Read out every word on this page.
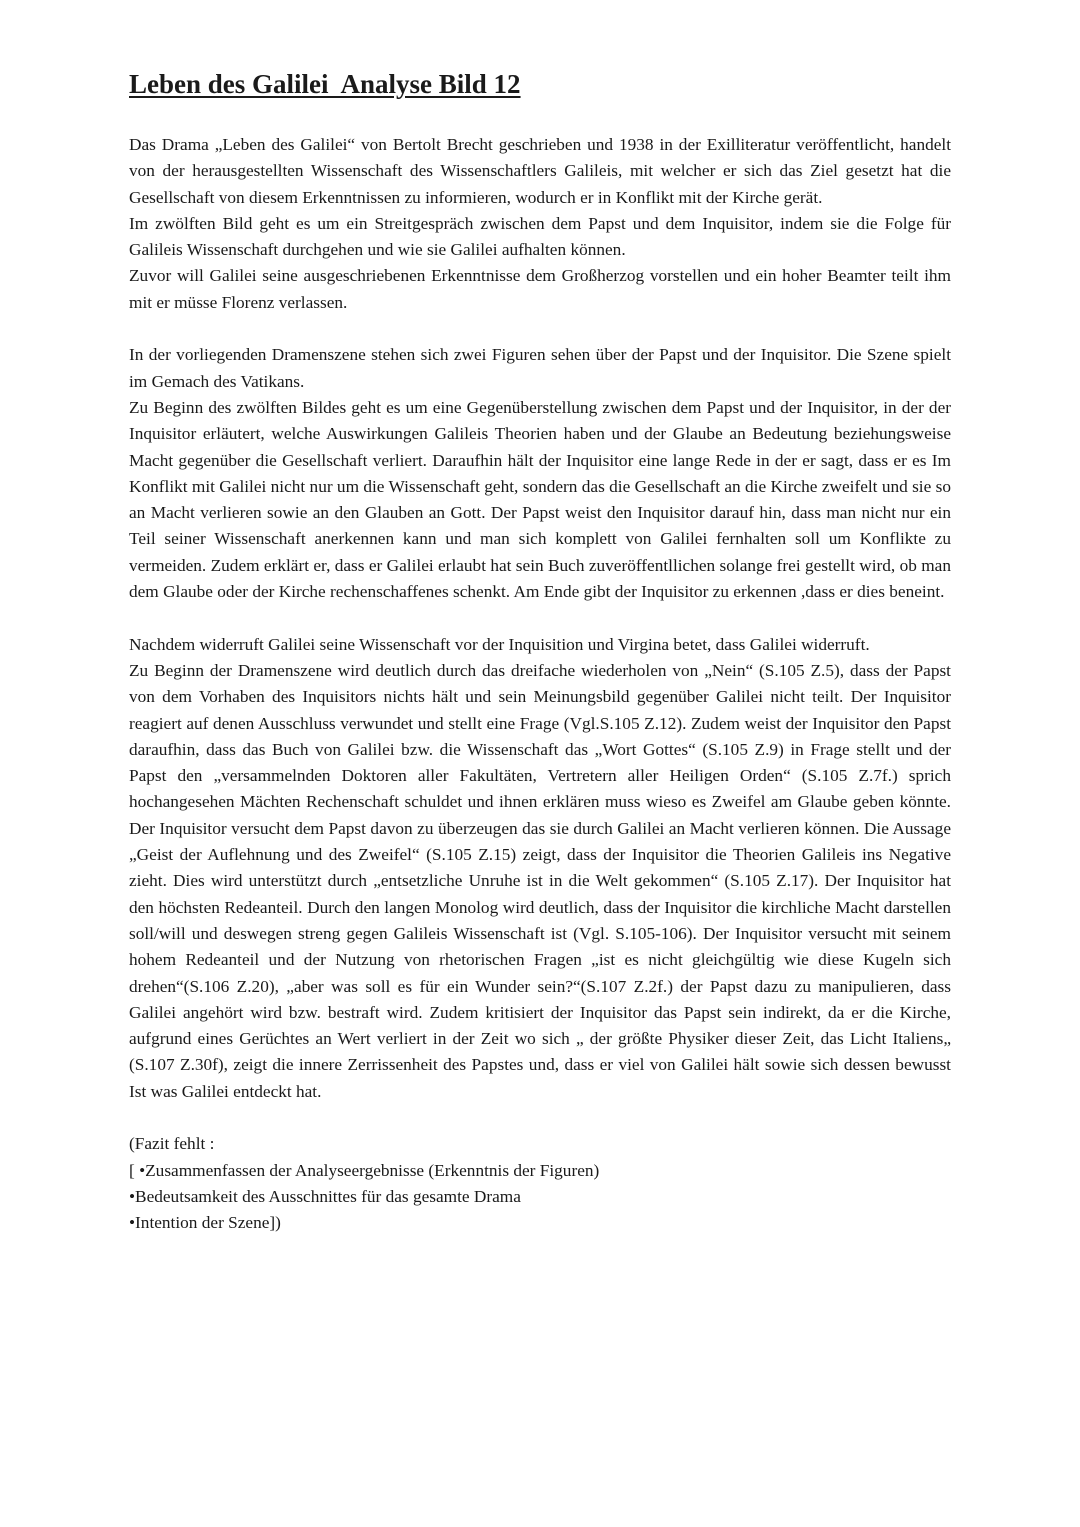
Leben des Galilei  Analyse Bild 12

Das Drama „Leben des Galilei“ von Bertolt Brecht geschrieben und 1938 in der Exilliteratur veröffentlicht, handelt von der herausgestellten Wissenschaft des Wissenschaftlers Galileis, mit welcher er sich das Ziel gesetzt hat die Gesellschaft von diesem Erkenntnissen zu informieren, wodurch er in Konflikt mit der Kirche gerät.

Im zwölften Bild geht es um ein Streitgespräch zwischen dem Papst und dem Inquisitor, indem sie die Folge für Galileis Wissenschaft durchgehen und wie sie Galilei aufhalten können.

Zuvor will Galilei seine ausgeschriebenen Erkenntnisse dem Großherzog vorstellen und ein hoher Beamter teilt ihm mit er müsse Florenz verlassen.

In der vorliegenden Dramenszene stehen sich zwei Figuren sehen über der Papst und der Inquisitor. Die Szene spielt im Gemach des Vatikans.

Zu Beginn des zwölften Bildes geht es um eine Gegenüberstellung zwischen dem Papst und der Inquisitor, in der der Inquisitor erläutert, welche Auswirkungen Galileis Theorien haben und der Glaube an Bedeutung beziehungsweise Macht gegenüber die Gesellschaft verliert. Daraufhin hält der Inquisitor eine lange Rede in der er sagt, dass er es Im Konflikt mit Galilei nicht nur um die Wissenschaft geht, sondern das die Gesellschaft an die Kirche zweifelt und sie so an Macht verlieren sowie an den Glauben an Gott. Der Papst weist den Inquisitor darauf hin, dass man nicht nur ein Teil seiner Wissenschaft anerkennen kann und man sich komplett von Galilei fernhalten soll um Konflikte zu vermeiden. Zudem erklärt er, dass er Galilei erlaubt hat sein Buch zuveröffentllichen solange frei gestellt wird, ob man dem Glaube oder der Kirche rechenschaffenes schenkt. Am Ende gibt der Inquisitor zu erkennen ,dass er dies beneint.

Nachdem widerruft Galilei seine Wissenschaft vor der Inquisition und Virgina betet, dass Galilei widerruft.

Zu Beginn der Dramenszene wird deutlich durch das dreifache wiederholen von „Nein“ (S.105 Z.5), dass der Papst von dem Vorhaben des Inquisitors nichts hält und sein Meinungsbild gegenüber Galilei nicht teilt. Der Inquisitor reagiert auf denen Ausschluss verwundet und stellt eine Frage (Vgl.S.105 Z.12). Zudem weist der Inquisitor den Papst daraufhin, dass das Buch von Galilei bzw. die Wissenschaft das „Wort Gottes“ (S.105 Z.9) in Frage stellt und der Papst den „versammelnden Doktoren aller Fakultäten, Vertretern aller Heiligen Orden“ (S.105 Z.7f.) sprich hochangesehen Mächten Rechenschaft schuldet und ihnen erklären muss wieso es Zweifel am Glaube geben könnte. Der Inquisitor versucht dem Papst davon zu überzeugen das sie durch Galilei an Macht verlieren können. Die Aussage „Geist der Auflehnung und des Zweifel“ (S.105 Z.15) zeigt, dass der Inquisitor die Theorien Galileis ins Negative zieht. Dies wird unterstützt durch „entsetzliche Unruhe ist in die Welt gekommen“ (S.105 Z.17). Der Inquisitor hat den höchsten Redeanteil. Durch den langen Monolog wird deutlich, dass der Inquisitor die kirchliche Macht darstellen soll/will und deswegen streng gegen Galileis Wissenschaft ist (Vgl. S.105-106). Der Inquisitor versucht mit seinem hohem Redeanteil und der Nutzung von rhetorischen Fragen „ist es nicht gleichgültig wie diese Kugeln sich drehen“(S.106 Z.20), „aber was soll es für ein Wunder sein?“(S.107 Z.2f.) der Papst dazu zu manipulieren, dass Galilei angehört wird bzw. bestraft wird. Zudem kritisiert der Inquisitor das Papst sein indirekt, da er die Kirche, aufgrund eines Gerüchtes an Wert verliert in der Zeit wo sich „ der größte Physiker dieser Zeit, das Licht Italiens„ (S.107 Z.30f), zeigt die innere Zerrissenheit des Papstes und, dass er viel von Galilei hält sowie sich dessen bewusst Ist was Galilei entdeckt hat.

(Fazit fehlt :

[ •Zusammenfassen der Analyseergebnisse (Erkenntnis der Figuren)

•Bedeutsamkeit des Ausschnittes für das gesamte Drama

•Intention der Szene])
